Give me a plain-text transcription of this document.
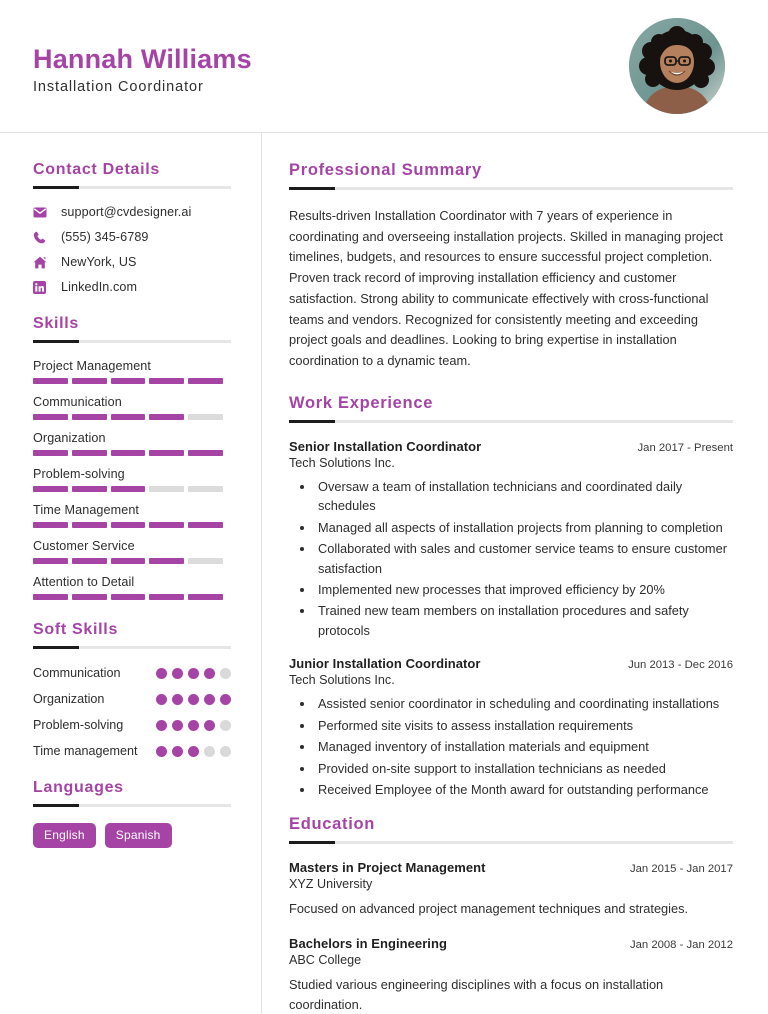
Hannah Williams
Installation Coordinator
Contact Details
support@cvdesigner.ai
(555) 345-6789
NewYork, US
LinkedIn.com
Skills
Project Management
Communication
Organization
Problem-solving
Time Management
Customer Service
Attention to Detail
Soft Skills
Communication
Organization
Problem-solving
Time management
Languages
English	Spanish
Professional Summary
Results-driven Installation Coordinator with 7 years of experience in coordinating and overseeing installation projects. Skilled in managing project timelines, budgets, and resources to ensure successful project completion. Proven track record of improving installation efficiency and customer satisfaction. Strong ability to communicate effectively with cross-functional teams and vendors. Recognized for consistently meeting and exceeding project goals and deadlines. Looking to bring expertise in installation coordination to a dynamic team.
Work Experience
Senior Installation Coordinator	Jan 2017 - Present
Tech Solutions Inc.
• Oversaw a team of installation technicians and coordinated daily schedules
• Managed all aspects of installation projects from planning to completion
• Collaborated with sales and customer service teams to ensure customer satisfaction
• Implemented new processes that improved efficiency by 20%
• Trained new team members on installation procedures and safety protocols
Junior Installation Coordinator	Jun 2013 - Dec 2016
Tech Solutions Inc.
• Assisted senior coordinator in scheduling and coordinating installations
• Performed site visits to assess installation requirements
• Managed inventory of installation materials and equipment
• Provided on-site support to installation technicians as needed
• Received Employee of the Month award for outstanding performance
Education
Masters in Project Management	Jan 2015 - Jan 2017
XYZ University
Focused on advanced project management techniques and strategies.
Bachelors in Engineering	Jan 2008 - Jan 2012
ABC College
Studied various engineering disciplines with a focus on installation coordination.
